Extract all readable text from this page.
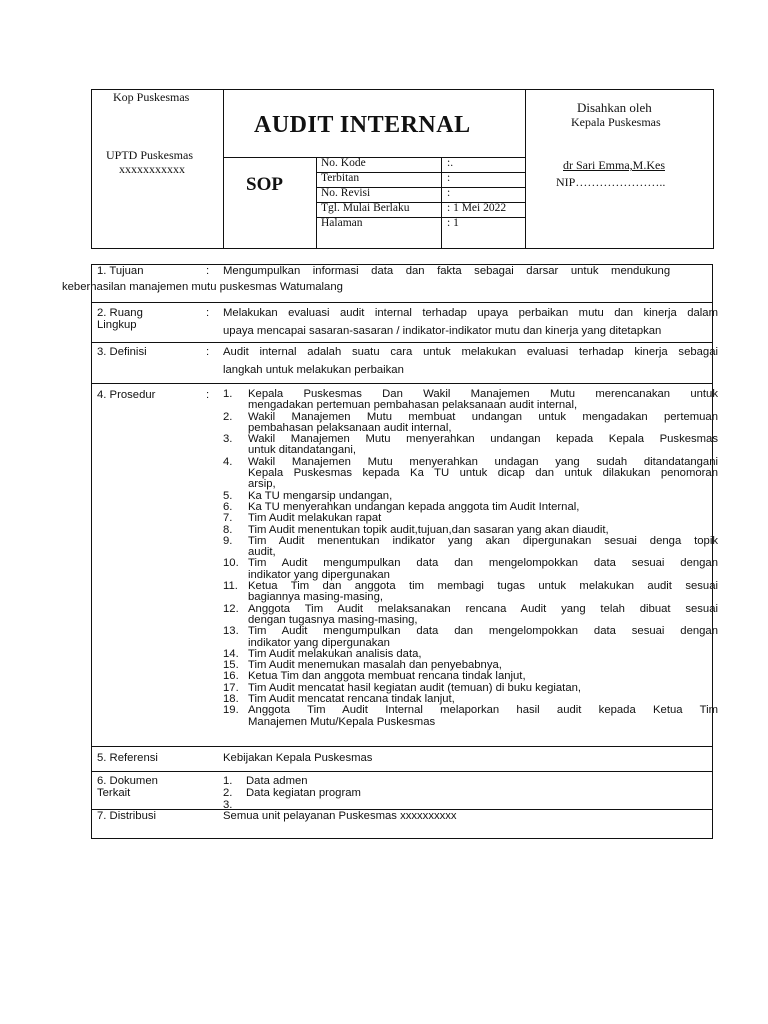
Kop Puskesmas
UPTD Puskesmas
xxxxxxxxxxx
AUDIT INTERNAL
SOP
No. Kode	:.
Terbitan	:
No. Revisi	:
Tgl. Mulai Berlaku	: 1 Mei 2022
Halaman	: 1
Disahkan oleh
Kepala Puskesmas
dr Sari Emma,M.Kes
NIP…………………..
1. Tujuan	: Mengumpulkan    informasi    data    dan    fakta    sebagai    darsar    untuk    mendukung
keberhasilan manajemen mutu puskesmas Watumalang
2. Ruang
Lingkup
: Melakukan evaluasi audit internal terhadap upaya perbaikan mutu dan kinerja dalam
upaya mencapai sasaran-sasaran / indikator-indikator mutu dan kinerja yang ditetapkan
3. Definisi	: Audit internal adalah suatu cara untuk melakukan evaluasi terhadap kinerja sebagai
langkah untuk melakukan perbaikan
4. Prosedur	: 1.	Kepala Puskesmas Dan Wakil Manajemen Mutu merencanakan untuk
mengadakan pertemuan pembahasan pelaksanaan audit internal,
2.	Wakil Manajemen Mutu membuat undangan untuk mengadakan pertemuan
pembahasan pelaksanaan audit internal,
3.	Wakil Manajemen Mutu menyerahkan undangan kepada Kepala Puskesmas
untuk ditandatangani,
4.	Wakil Manajemen Mutu menyerahkan undagan yang sudah ditandatangani
Kepala Puskesmas kepada Ka TU untuk dicap dan untuk dilakukan penomoran
arsip,
5.	Ka TU mengarsip undangan,
6.	Ka TU menyerahkan undangan kepada anggota tim Audit Internal,
7.	Tim Audit melakukan rapat
8.	Tim Audit menentukan topik audit,tujuan,dan sasaran yang akan diaudit,
9.	Tim Audit menentukan indikator yang akan dipergunakan sesuai denga topik
audit,
10. Tim Audit mengumpulkan data dan mengelompokkan data sesuai dengan
indikator yang dipergunakan
11. Ketua Tim dan anggota tim membagi tugas untuk melakukan audit sesuai
bagiannya masing-masing,
12. Anggota Tim Audit melaksanakan rencana Audit yang telah dibuat sesuai
dengan tugasnya masing-masing,
13. Tim Audit mengumpulkan data dan mengelompokkan data sesuai dengan
indikator yang dipergunakan
14. Tim Audit melakukan analisis data,
15. Tim Audit menemukan masalah dan penyebabnya,
16. Ketua Tim dan anggota membuat rencana tindak lanjut,
17. Tim Audit mencatat hasil kegiatan audit (temuan) di buku kegiatan,
18. Tim Audit mencatat rencana tindak lanjut,
19. Anggota Tim Audit Internal melaporkan hasil audit kepada Ketua Tim
Manajemen Mutu/Kepala Puskesmas
5. Referensi	Kebijakan Kepala Puskesmas
6. Dokumen
Terkait
1.	Data admen
2.	Data kegiatan program
3.
7. Distribusi	Semua unit pelayanan Puskesmas xxxxxxxxxx
